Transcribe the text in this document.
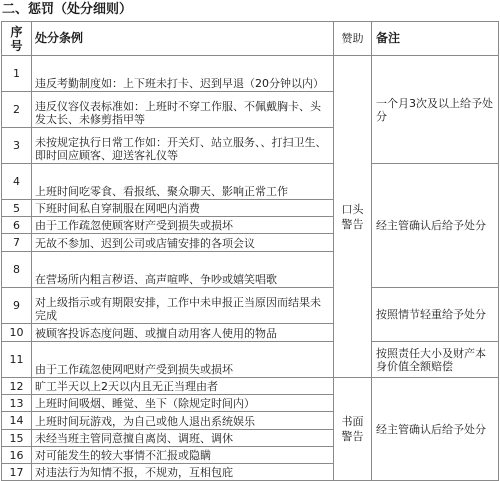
二、惩罚（处分细则）
序
号	处分条例	赞助	备注
1	违反考勤制度如：上下班未打卡、迟到早退（20分钟以内）	口头警告	一个月3次及以上给予处分
2	违反仪容仪表标准如：上班时不穿工作服、不佩戴胸卡、头发太长、未修剪指甲等		
3	未按规定执行日常工作如：开关灯、站立服务、、打扫卫生、即时回应顾客、迎送客礼仪等		
4	上班时间吃零食、看报纸、聚众聊天、影响正常工作		经主管确认后给予处分
5	下班时间私自穿制服在网吧内消费		
6	由于工作疏忽使顾客财产受到损失或损坏		
7	无故不参加、迟到公司或店铺安排的各项会议		
8	在营场所内粗言秽语、高声喧哗、争吵或嬉笑唱歌		
9	对上级指示或有期限安排，工作中未申报正当原因而结果未完成		按照情节轻重给予处分
10	被顾客投诉态度问题、或擅自动用客人使用的物品		
11	由于工作疏忽使网吧财产受到损失或损坏		按照责任大小及财产本身价值全额赔偿
12	旷工半天以上2天以内且无正当理由者	书面警告	经主管确认后给予处分
13	上班时间吸烟、睡觉、坐下（除规定时间内）		
14	上班时间玩游戏，为自己或他人退出系统娱乐		
15	未经当班主管同意擅自离岗、调班、调休		
16	对可能发生的较大事情不汇报或隐瞒		
17	对违法行为知情不报，不规劝，互相包庇		
